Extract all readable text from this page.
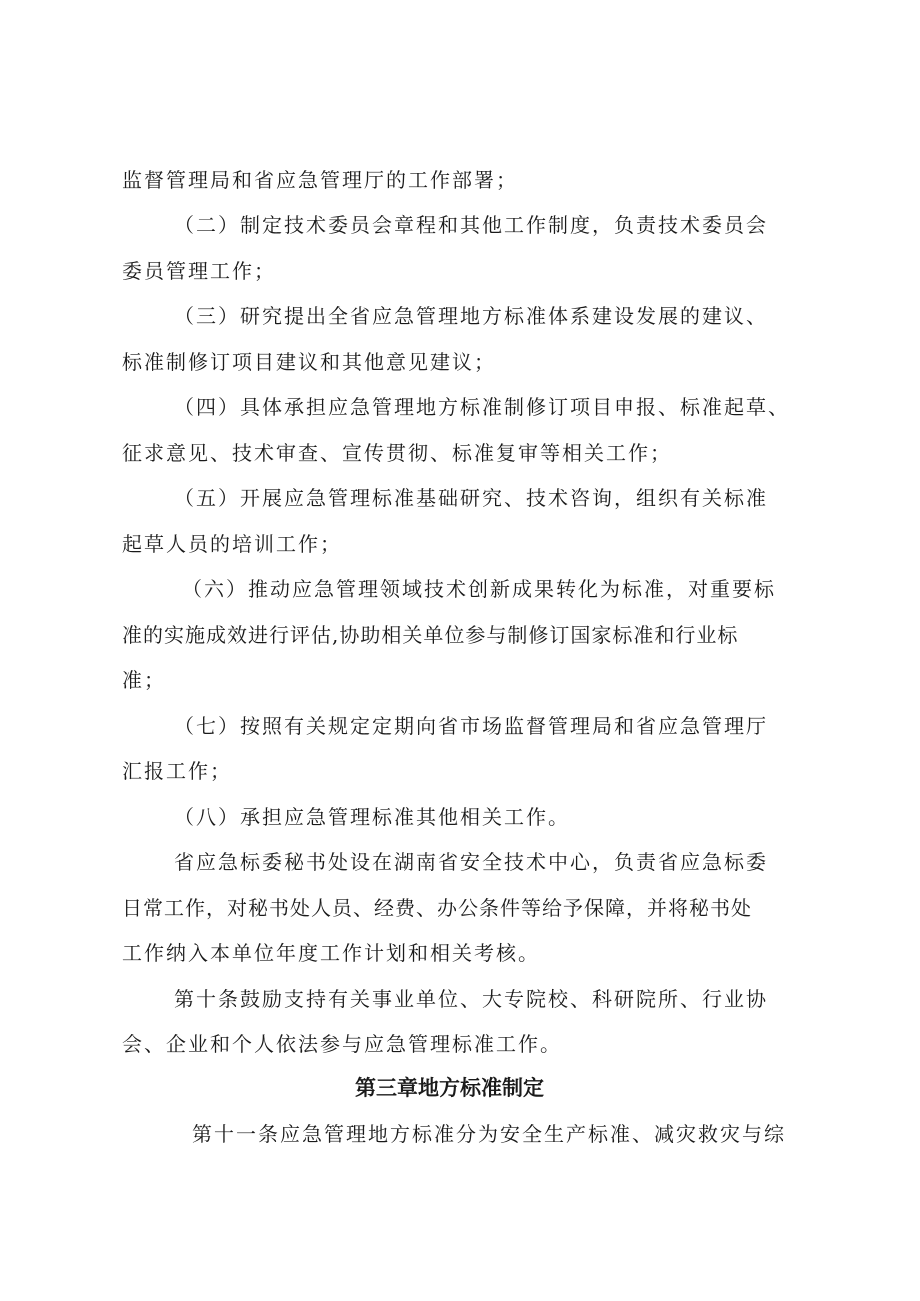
监督管理局和省应急管理厅的工作部署；

（二）制定技术委员会章程和其他工作制度，负责技术委员会

委员管理工作；

（三）研究提出全省应急管理地方标准体系建设发展的建议、

标准制修订项目建议和其他意见建议；

（四）具体承担应急管理地方标准制修订项目申报、标准起草、

征求意见、技术审查、宣传贯彻、标准复审等相关工作；

（五）开展应急管理标准基础研究、技术咨询，组织有关标准

起草人员的培训工作；

（六）推动应急管理领域技术创新成果转化为标准，对重要标

准的实施成效进行评估,协助相关单位参与制修订国家标准和行业标

准；

（七）按照有关规定定期向省市场监督管理局和省应急管理厅

汇报工作；

（八）承担应急管理标准其他相关工作。

省应急标委秘书处设在湖南省安全技术中心，负责省应急标委

日常工作，对秘书处人员、经费、办公条件等给予保障，并将秘书处

工作纳入本单位年度工作计划和相关考核。

第十条鼓励支持有关事业单位、大专院校、科研院所、行业协

会、企业和个人依法参与应急管理标准工作。

第三章地方标准制定

第十一条应急管理地方标准分为安全生产标准、减灾救灾与综
